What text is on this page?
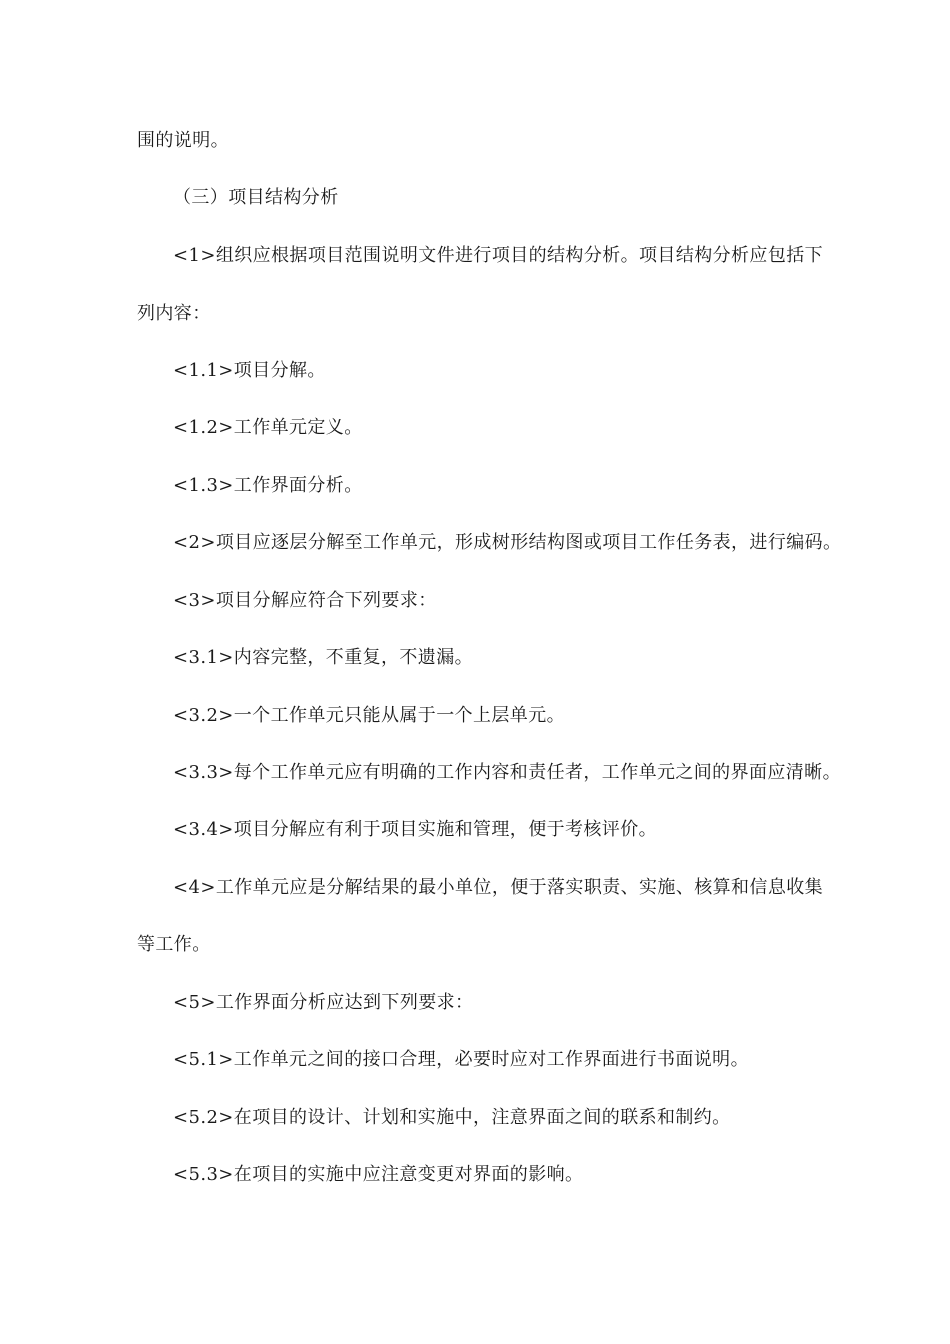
围的说明。
（三）项目结构分析
<1>组织应根据项目范围说明文件进行项目的结构分析。项目结构分析应包括下
列内容：
<1.1>项目分解。
<1.2>工作单元定义。
<1.3>工作界面分析。
<2>项目应逐层分解至工作单元，形成树形结构图或项目工作任务表，进行编码。
<3>项目分解应符合下列要求：
<3.1>内容完整，不重复，不遗漏。
<3.2>一个工作单元只能从属于一个上层单元。
<3.3>每个工作单元应有明确的工作内容和责任者，工作单元之间的界面应清晰。
<3.4>项目分解应有利于项目实施和管理，便于考核评价。
<4>工作单元应是分解结果的最小单位，便于落实职责、实施、核算和信息收集
等工作。
<5>工作界面分析应达到下列要求：
<5.1>工作单元之间的接口合理，必要时应对工作界面进行书面说明。
<5.2>在项目的设计、计划和实施中，注意界面之间的联系和制约。
<5.3>在项目的实施中应注意变更对界面的影响。
